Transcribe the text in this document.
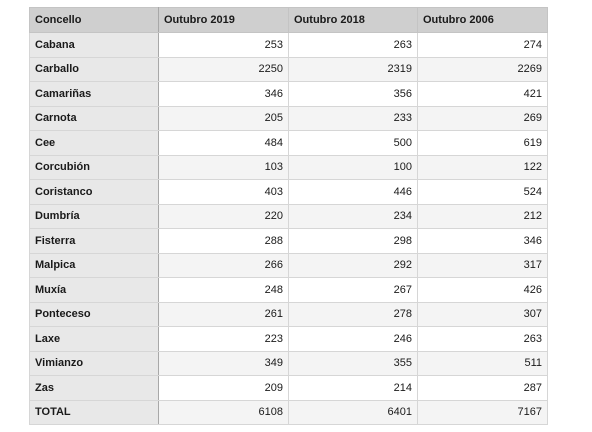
Concello	Outubro 2019	Outubro 2018	Outubro 2006
Cabana	253	263	274
Carballo	2250	2319	2269
Camariñas	346	356	421
Carnota	205	233	269
Cee	484	500	619
Corcubión	103	100	122
Coristanco	403	446	524
Dumbría	220	234	212
Fisterra	288	298	346
Malpica	266	292	317
Muxía	248	267	426
Ponteceso	261	278	307
Laxe	223	246	263
Vimianzo	349	355	511
Zas	209	214	287
TOTAL	6108	6401	7167
